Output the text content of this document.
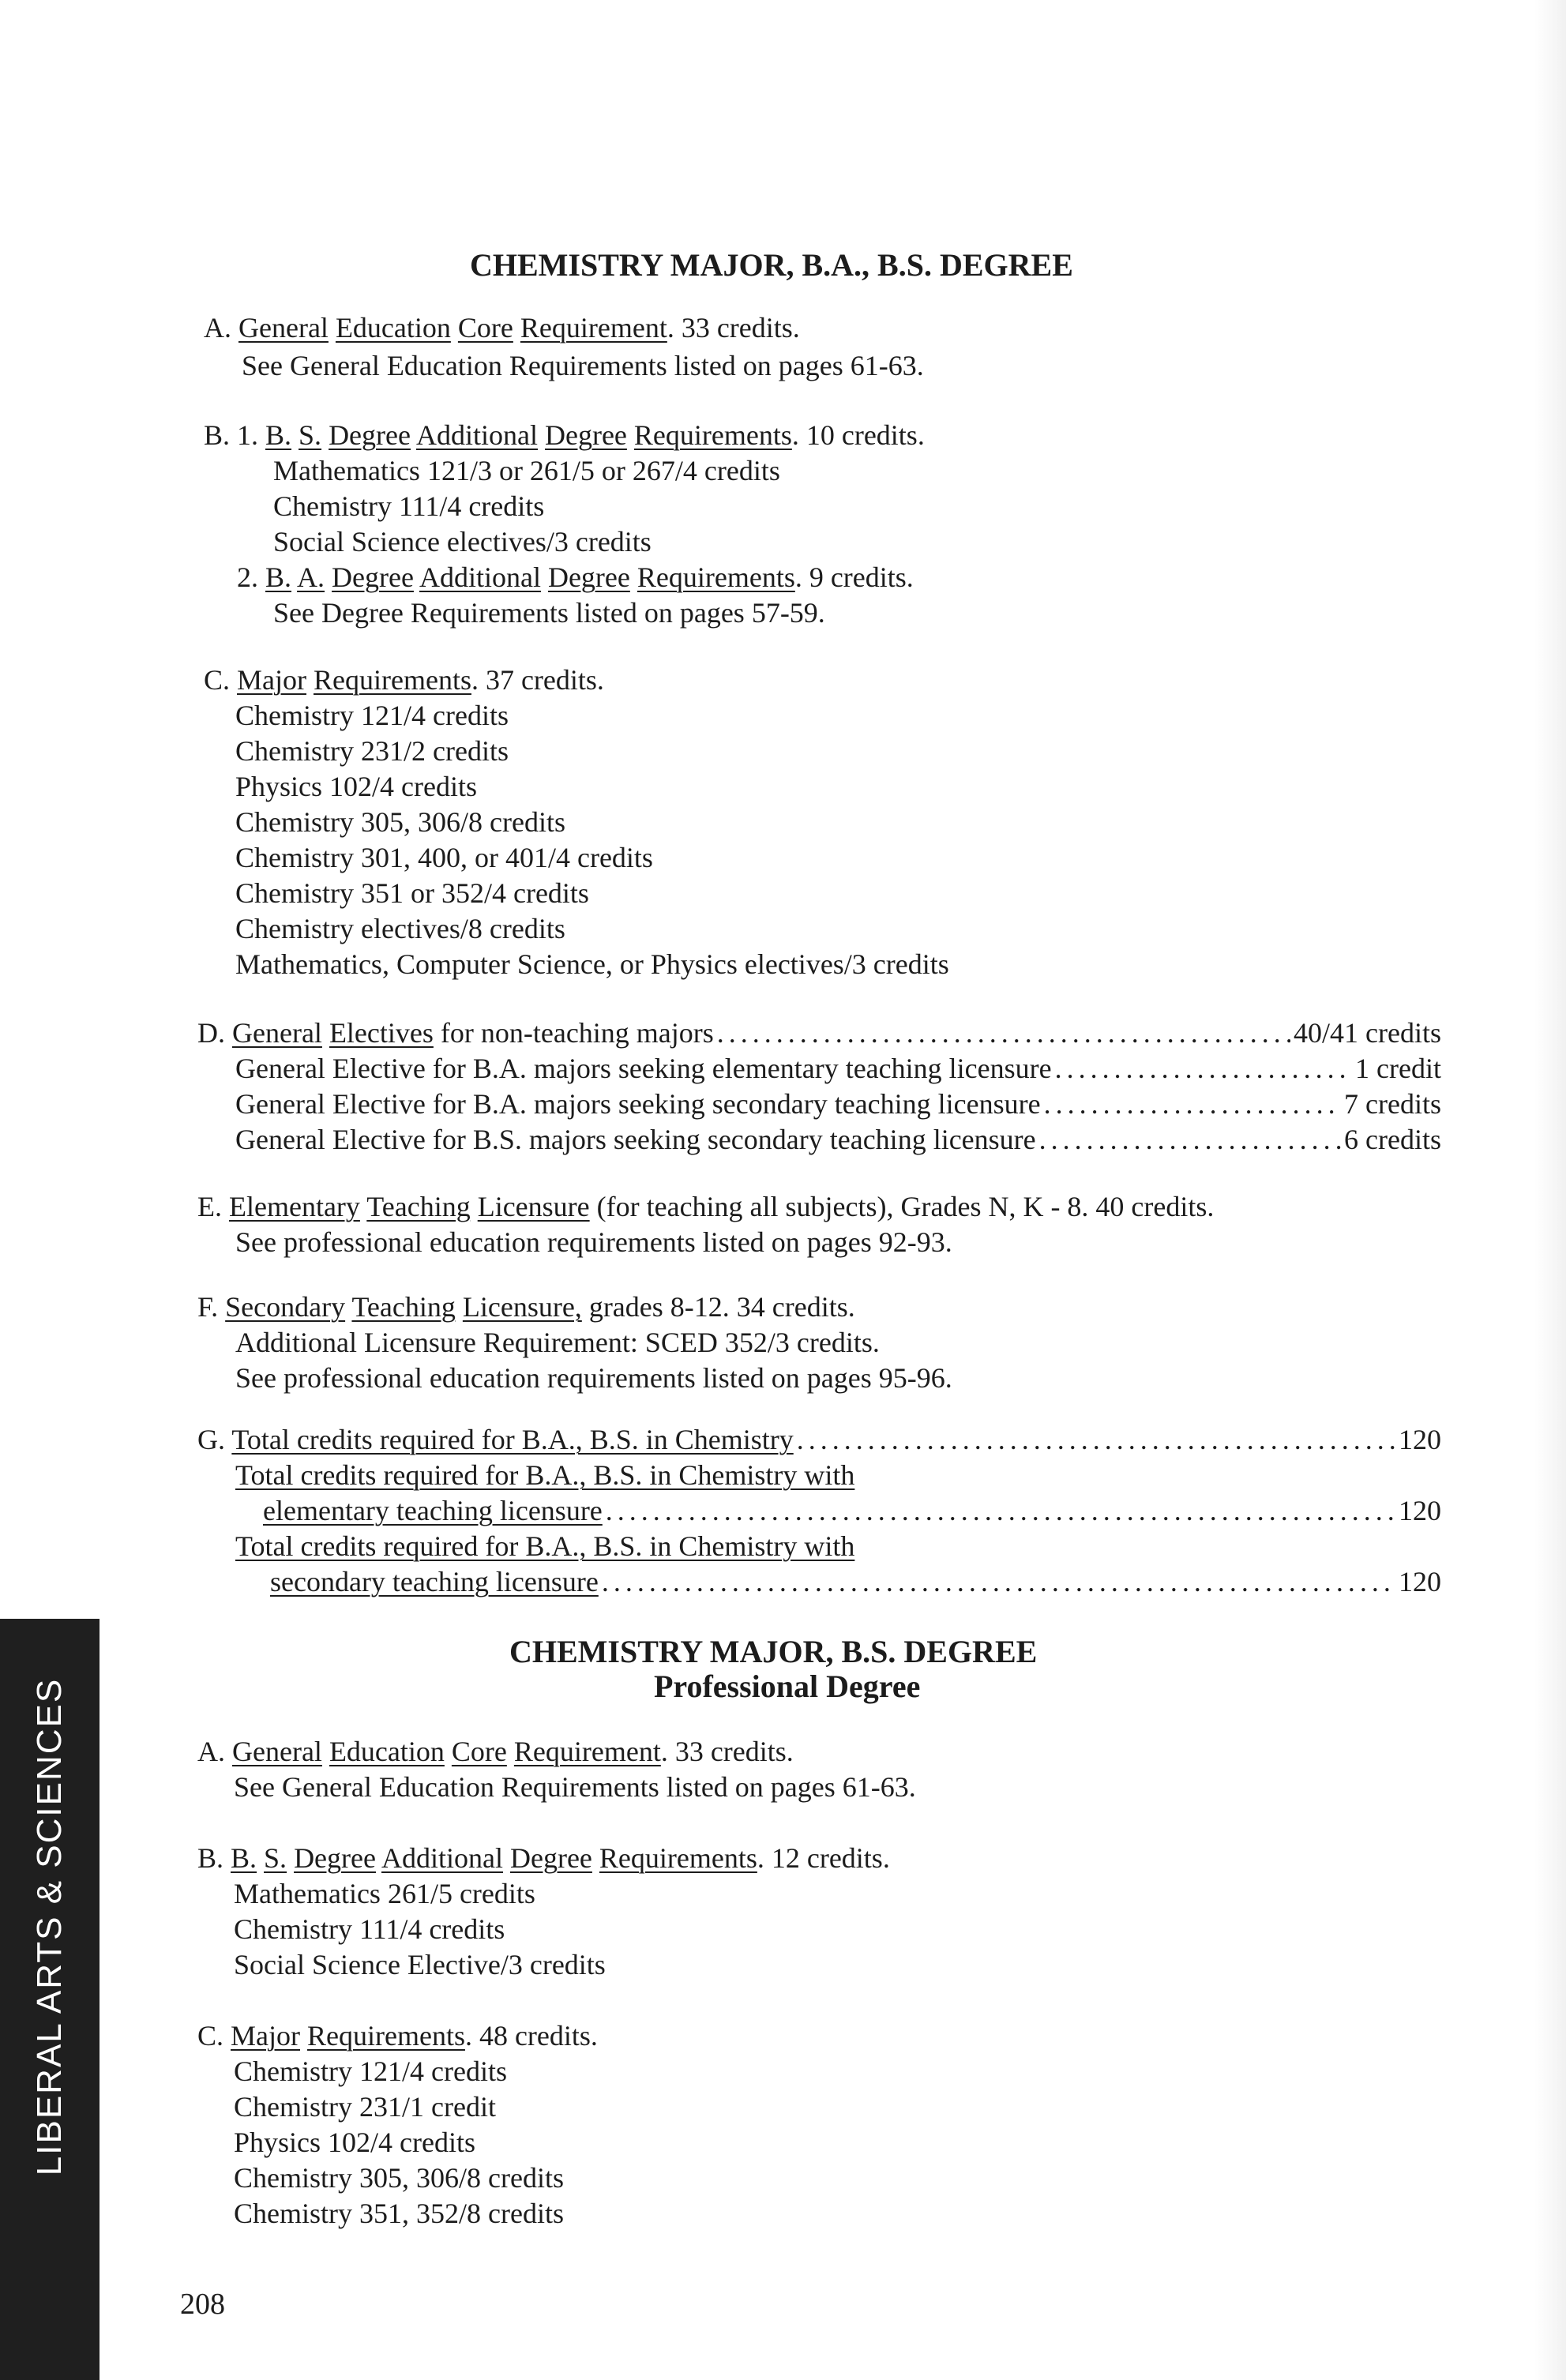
CHEMISTRY MAJOR, B.A., B.S. DEGREE
A. General Education Core Requirement. 33 credits.
See General Education Requirements listed on pages 61-63.
B. 1. B. S. Degree Additional Degree Requirements. 10 credits.
Mathematics 121/3 or 261/5 or 267/4 credits
Chemistry 111/4 credits
Social Science electives/3 credits
2. B. A. Degree Additional Degree Requirements. 9 credits.
See Degree Requirements listed on pages 57-59.
C. Major Requirements. 37 credits.
Chemistry 121/4 credits
Chemistry 231/2 credits
Physics 102/4 credits
Chemistry 305, 306/8 credits
Chemistry 301, 400, or 401/4 credits
Chemistry 351 or 352/4 credits
Chemistry electives/8 credits
Mathematics, Computer Science, or Physics electives/3 credits
D. General Electives for non-teaching majors .....	40/41 credits
General Elective for B.A. majors seeking elementary teaching licensure .....	1 credit
General Elective for B.A. majors seeking secondary teaching licensure .....	7 credits
General Elective for B.S. majors seeking secondary teaching licensure .....	6 credits
E. Elementary Teaching Licensure (for teaching all subjects), Grades N, K - 8. 40 credits.
See professional education requirements listed on pages 92-93.
F. Secondary Teaching Licensure, grades 8-12. 34 credits.
Additional Licensure Requirement: SCED 352/3 credits.
See professional education requirements listed on pages 95-96.
G. Total credits required for B.A., B.S. in Chemistry .....	120
Total credits required for B.A., B.S. in Chemistry with
elementary teaching licensure .....	120
Total credits required for B.A., B.S. in Chemistry with
secondary teaching licensure .....	120
CHEMISTRY MAJOR, B.S. DEGREE
Professional Degree
A. General Education Core Requirement. 33 credits.
See General Education Requirements listed on pages 61-63.
B. B. S. Degree Additional Degree Requirements. 12 credits.
Mathematics 261/5 credits
Chemistry 111/4 credits
Social Science Elective/3 credits
C. Major Requirements. 48 credits.
Chemistry 121/4 credits
Chemistry 231/1 credit
Physics 102/4 credits
Chemistry 305, 306/8 credits
Chemistry 351, 352/8 credits
LIBERAL ARTS & SCIENCES
208
